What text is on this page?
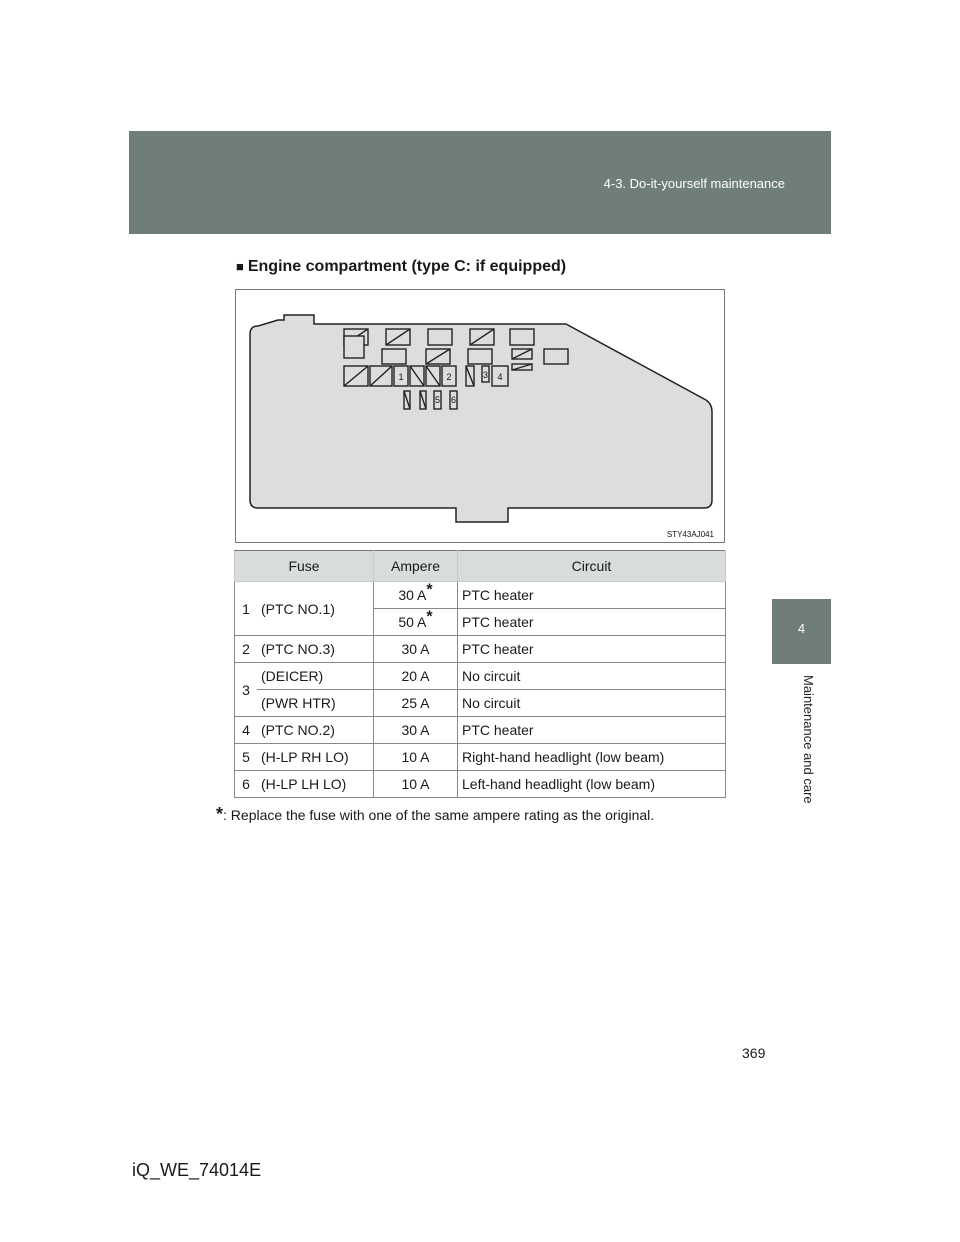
4-3. Do-it-yourself maintenance
4
Maintenance and care
■ Engine compartment (type C: if equipped)
1	2	3 4
5 6
STY43AJ041
Fuse		Ampere	Circuit
1	(PTC NO.1)	30 A*	PTC heater
		50 A*	PTC heater
2	(PTC NO.3)	30 A	PTC heater
3	(DEICER)	20 A	No circuit
	(PWR HTR)	25 A	No circuit
4	(PTC NO.2)	30 A	PTC heater
5	(H-LP RH LO)	10 A	Right-hand headlight (low beam)
6	(H-LP LH LO)	10 A	Left-hand headlight (low beam)
*: Replace the fuse with one of the same ampere rating as the original.
369
iQ_WE_74014E
